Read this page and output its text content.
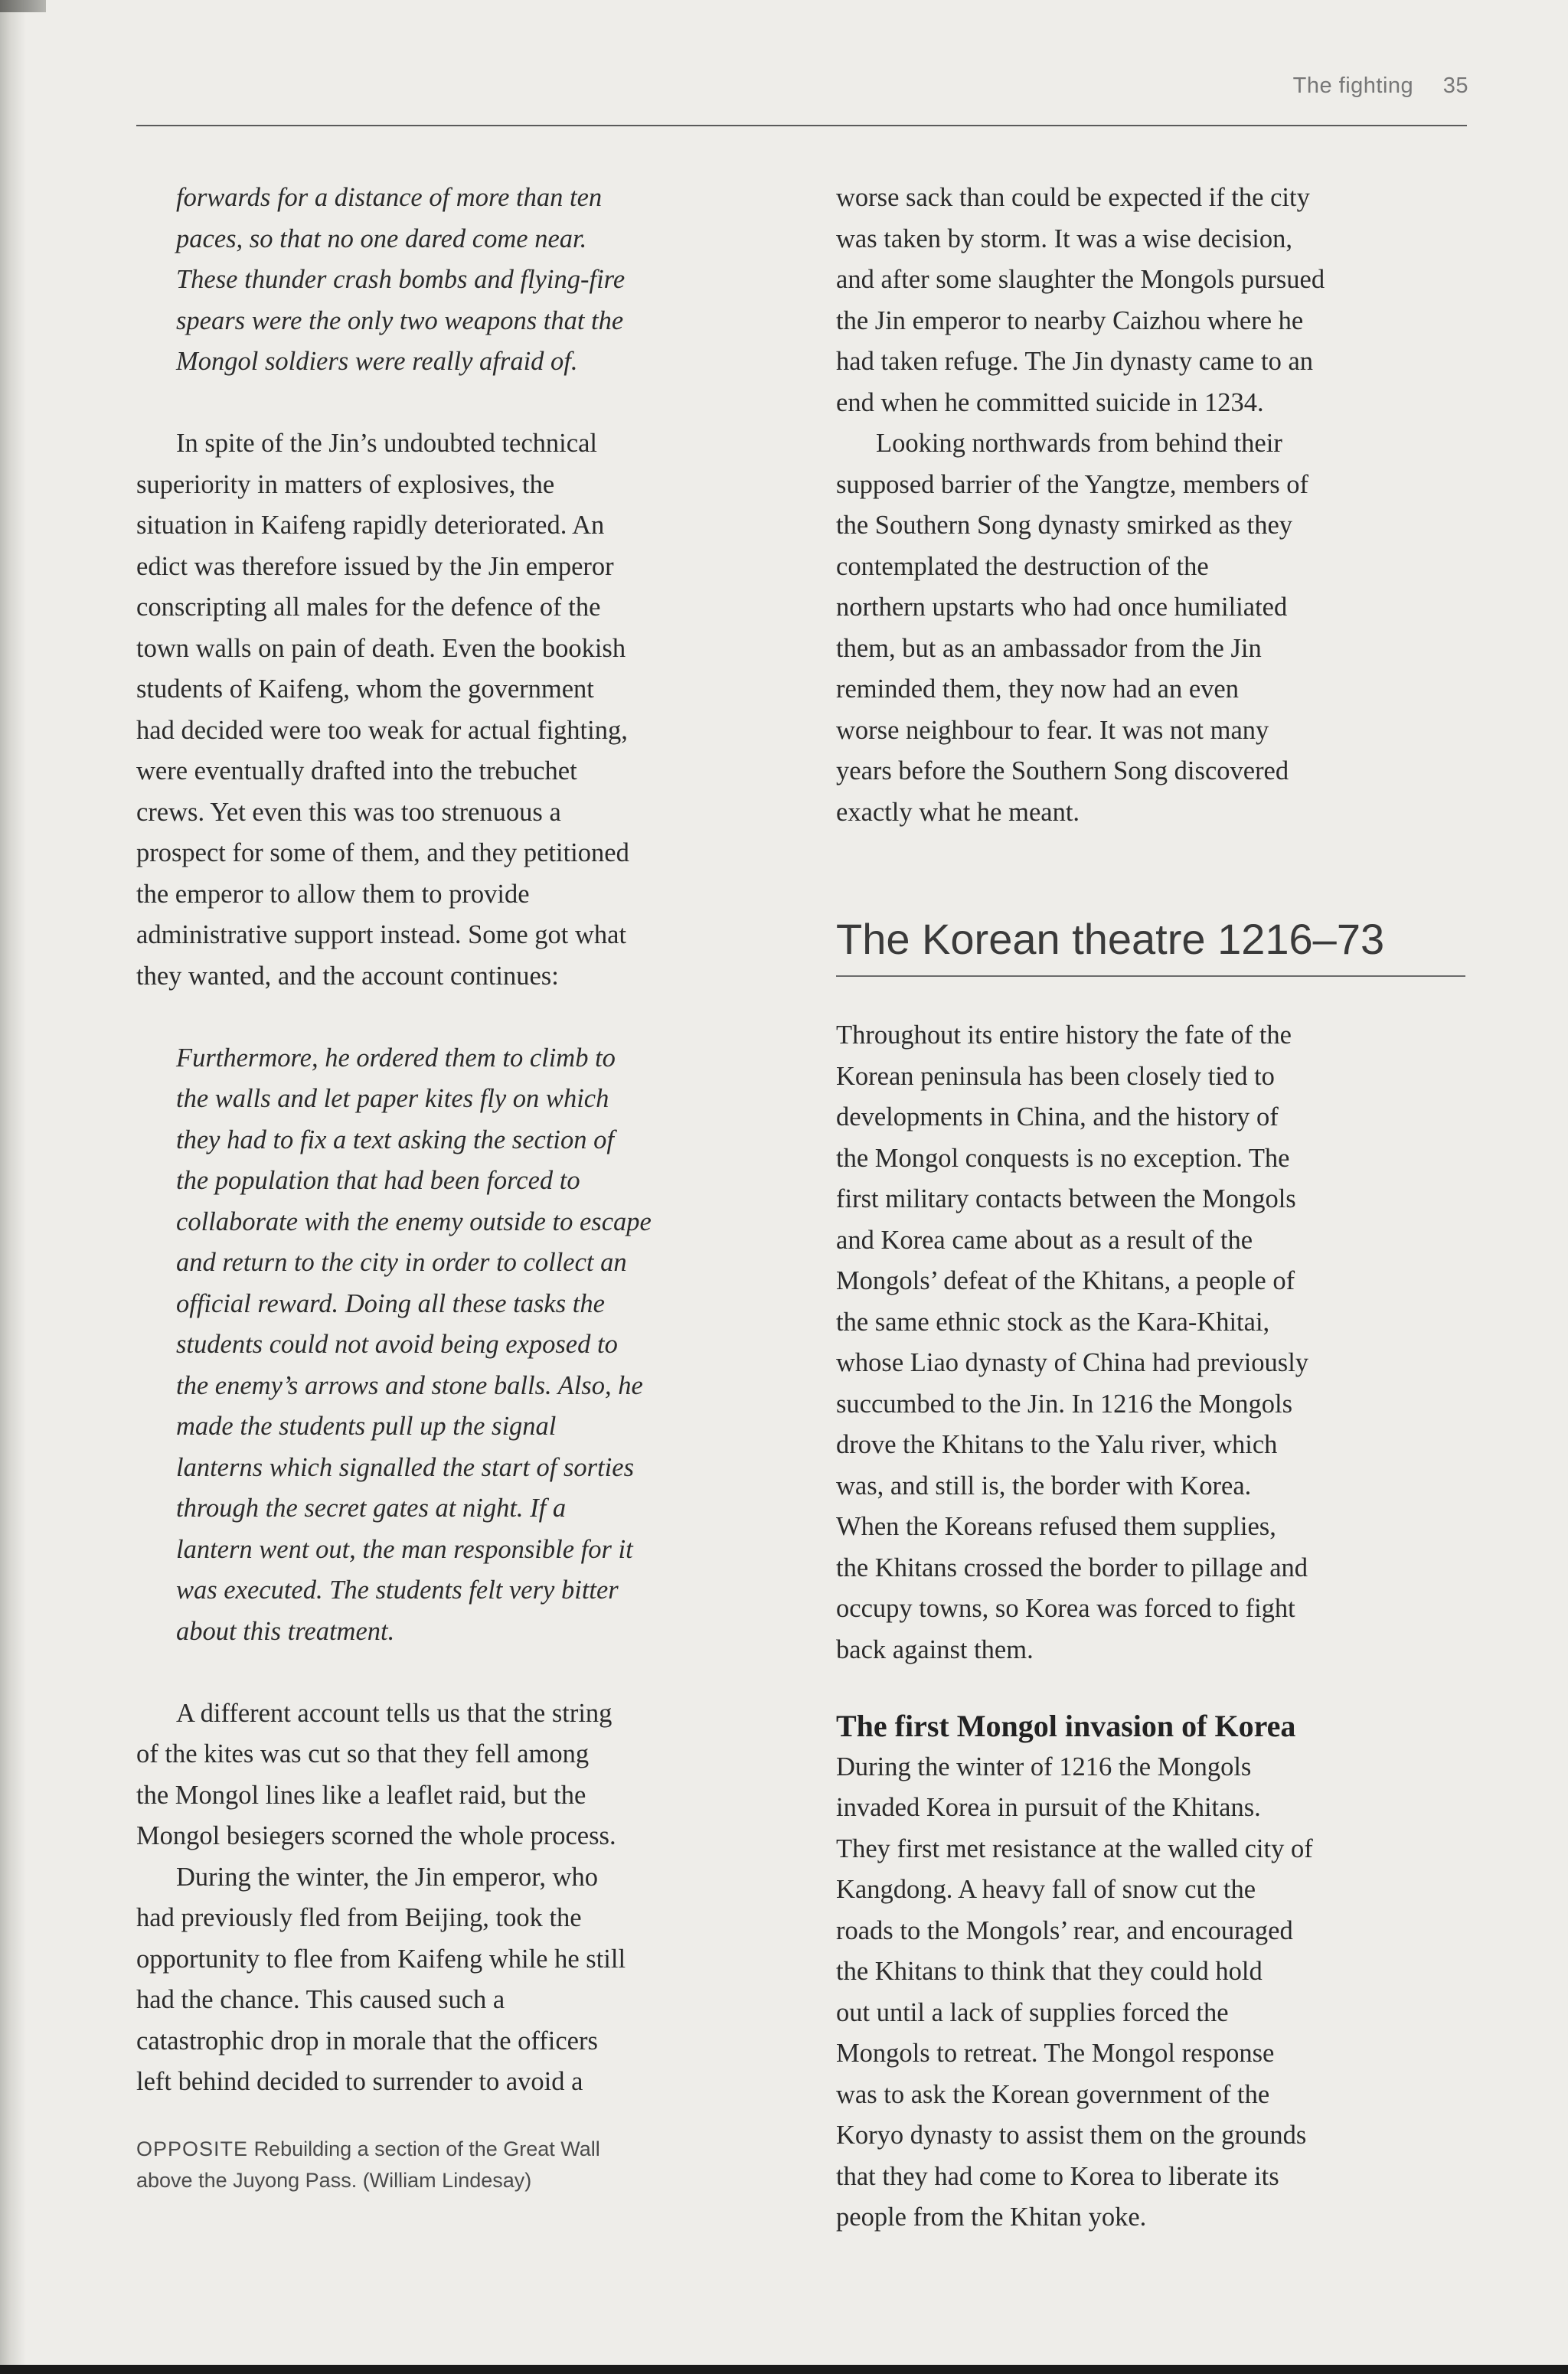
The fighting 35

forwards for a distance of more than ten
paces, so that no one dared come near.
These thunder crash bombs and flying-fire
spears were the only two weapons that the
Mongol soldiers were really afraid of.

In spite of the Jin’s undoubted technical
superiority in matters of explosives, the
situation in Kaifeng rapidly deteriorated. An
edict was therefore issued by the Jin emperor
conscripting all males for the defence of the
town walls on pain of death. Even the bookish
students of Kaifeng, whom the government
had decided were too weak for actual fighting,
were eventually drafted into the trebuchet
crews. Yet even this was too strenuous a
prospect for some of them, and they petitioned
the emperor to allow them to provide
administrative support instead. Some got what
they wanted, and the account continues:

Furthermore, he ordered them to climb to
the walls and let paper kites fly on which
they had to fix a text asking the section of
the population that had been forced to
collaborate with the enemy outside to escape
and return to the city in order to collect an
official reward. Doing all these tasks the
students could not avoid being exposed to
the enemy’s arrows and stone balls. Also, he
made the students pull up the signal
lanterns which signalled the start of sorties
through the secret gates at night. If a
lantern went out, the man responsible for it
was executed. The students felt very bitter
about this treatment.

A different account tells us that the string
of the kites was cut so that they fell among
the Mongol lines like a leaflet raid, but the
Mongol besiegers scorned the whole process.

During the winter, the Jin emperor, who
had previously fled from Beijing, took the
opportunity to flee from Kaifeng while he still
had the chance. This caused such a
catastrophic drop in morale that the officers
left behind decided to surrender to avoid a

OPPOSITE Rebuilding a section of the Great Wall
above the Juyong Pass. (William Lindesay)

worse sack than could be expected if the city
was taken by storm. It was a wise decision,
and after some slaughter the Mongols pursued
the Jin emperor to nearby Caizhou where he
had taken refuge. The Jin dynasty came to an
end when he committed suicide in 1234.

Looking northwards from behind their
supposed barrier of the Yangtze, members of
the Southern Song dynasty smirked as they
contemplated the destruction of the
northern upstarts who had once humiliated
them, but as an ambassador from the Jin
reminded them, they now had an even
worse neighbour to fear. It was not many
years before the Southern Song discovered
exactly what he meant.

The Korean theatre 1216–73

Throughout its entire history the fate of the
Korean peninsula has been closely tied to
developments in China, and the history of
the Mongol conquests is no exception. The
first military contacts between the Mongols
and Korea came about as a result of the
Mongols’ defeat of the Khitans, a people of
the same ethnic stock as the Kara-Khitai,
whose Liao dynasty of China had previously
succumbed to the Jin. In 1216 the Mongols
drove the Khitans to the Yalu river, which
was, and still is, the border with Korea.
When the Koreans refused them supplies,
the Khitans crossed the border to pillage and
occupy towns, so Korea was forced to fight
back against them.

The first Mongol invasion of Korea

During the winter of 1216 the Mongols
invaded Korea in pursuit of the Khitans.
They first met resistance at the walled city of
Kangdong. A heavy fall of snow cut the
roads to the Mongols’ rear, and encouraged
the Khitans to think that they could hold
out until a lack of supplies forced the
Mongols to retreat. The Mongol response
was to ask the Korean government of the
Koryo dynasty to assist them on the grounds
that they had come to Korea to liberate its
people from the Khitan yoke.
